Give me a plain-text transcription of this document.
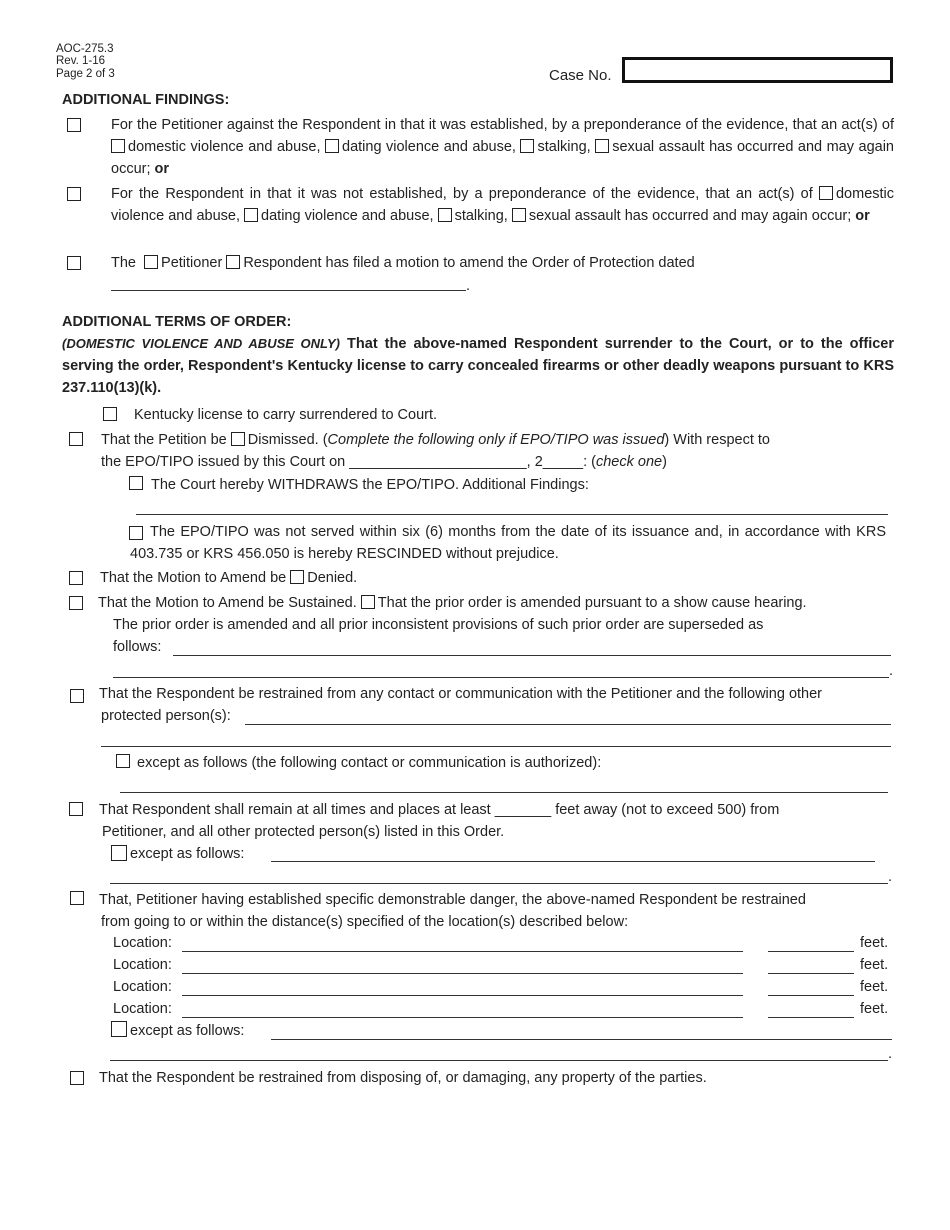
AOC-275.3
Rev. 1-16
Page 2 of 3	Case No.
ADDITIONAL FINDINGS:
For the Petitioner against the Respondent in that it was established, by a preponderance of the evidence, that an act(s) of domestic violence and abuse, dating violence and abuse, stalking, sexual assault has occurred and may again occur; or
For the Respondent in that it was not established, by a preponderance of the evidence, that an act(s) of domestic violence and abuse, dating violence and abuse, stalking, sexual assault has occurred and may again occur; or
The Petitioner Respondent has filed a motion to amend the Order of Protection dated
.
ADDITIONAL TERMS OF ORDER:
(DOMESTIC VIOLENCE AND ABUSE ONLY) That the above-named Respondent surrender to the Court, or to the officer serving the order, Respondent's Kentucky license to carry concealed firearms or other deadly weapons pursuant to KRS 237.110(13)(k).
Kentucky license to carry surrendered to Court.
That the Petition be Dismissed. (Complete the following only if EPO/TIPO was issued) With respect to
the EPO/TIPO issued by this Court on ______________________, 2_____: (check one)
The Court hereby WITHDRAWS the EPO/TIPO. Additional Findings:
The EPO/TIPO was not served within six (6) months from the date of its issuance and, in accordance with KRS 403.735 or KRS 456.050 is hereby RESCINDED without prejudice.
That the Motion to Amend be Denied.
That the Motion to Amend be Sustained. That the prior order is amended pursuant to a show cause hearing.
The prior order is amended and all prior inconsistent provisions of such prior order are superseded as
follows:
.
That the Respondent be restrained from any contact or communication with the Petitioner and the following other
protected person(s):
except as follows (the following contact or communication is authorized):
That Respondent shall remain at all times and places at least _______ feet away (not to exceed 500) from
Petitioner, and all other protected person(s) listed in this Order.
except as follows:
.
That, Petitioner having established specific demonstrable danger, the above-named Respondent be restrained
from going to or within the distance(s) specified of the location(s) described below:
Location:	feet.
Location:	feet.
Location:	feet.
Location:	feet.
except as follows:
.
That the Respondent be restrained from disposing of, or damaging, any property of the parties.
